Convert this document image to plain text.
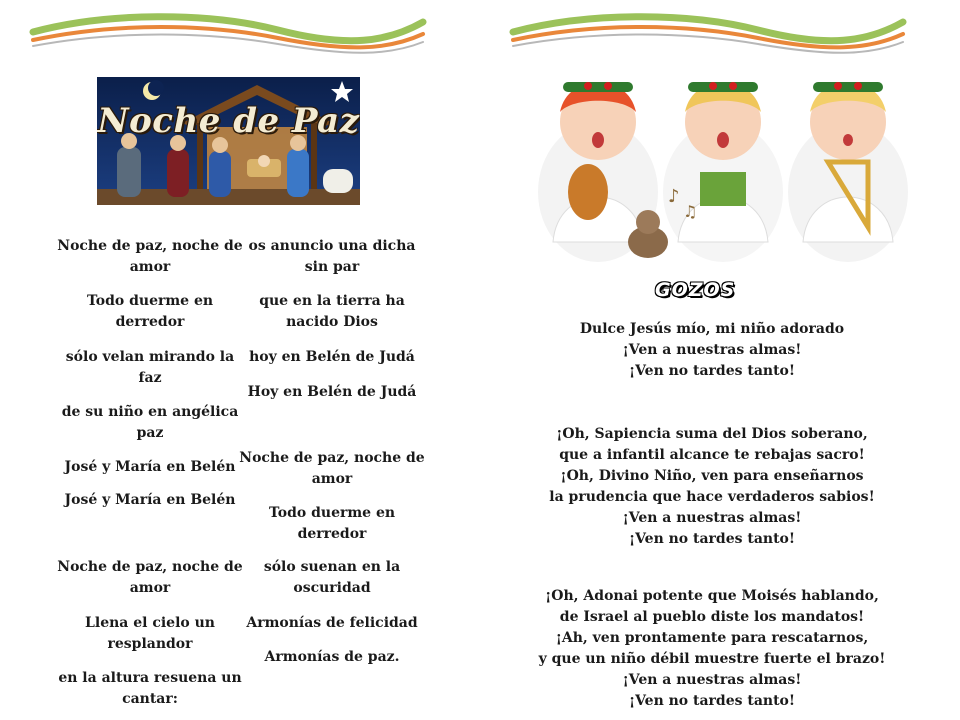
Noche de Paz
Noche de paz, noche de amor
Todo duerme en derredor
sólo velan mirando la faz
de su niño en angélica paz
José y María en Belén
José y María en Belén
Noche de paz, noche de amor
Llena el cielo un resplandor
en la altura resuena un cantar:
os anuncio una dicha sin par
que en la tierra ha nacido Dios
hoy en Belén de Judá
Hoy en Belén de Judá
Noche de paz, noche de amor
Todo duerme en derredor
sólo suenan en la oscuridad
Armonías de felicidad
Armonías de paz.
♪
♫
GOZOS
Dulce Jesús mío, mi niño adorado
¡Ven a nuestras almas!
¡Ven no tardes tanto!
¡Oh, Sapiencia suma del Dios soberano,
que a infantil alcance te rebajas sacro!
¡Oh, Divino Niño, ven para enseñarnos
la prudencia que hace verdaderos sabios!
¡Ven a nuestras almas!
¡Ven no tardes tanto!
¡Oh, Adonai potente que Moisés hablando,
de Israel al pueblo diste los mandatos!
¡Ah, ven prontamente para rescatarnos,
y que un niño débil muestre fuerte el brazo!
¡Ven a nuestras almas!
¡Ven no tardes tanto!
